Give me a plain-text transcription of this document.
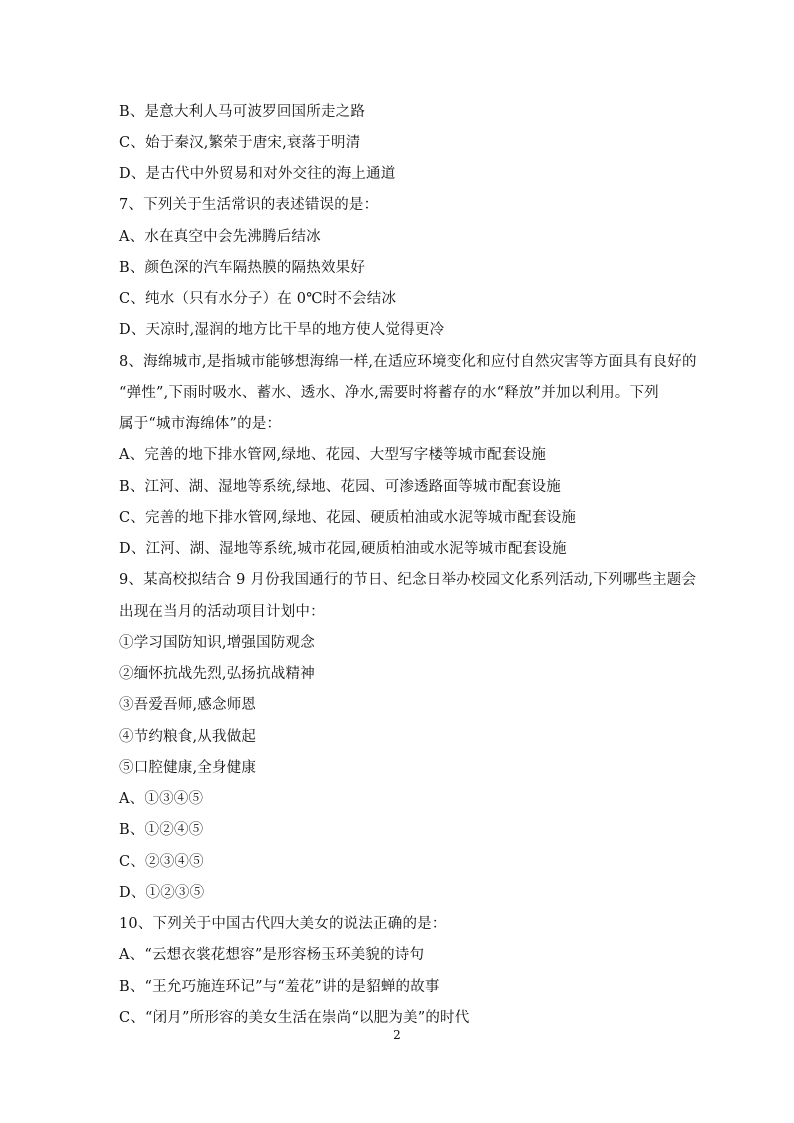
B、是意大利人马可波罗回国所走之路
C、始于秦汉,繁荣于唐宋,衰落于明清
D、是古代中外贸易和对外交往的海上通道
7、下列关于生活常识的表述错误的是：
A、水在真空中会先沸腾后结冰
B、颜色深的汽车隔热膜的隔热效果好
C、纯水（只有水分子）在 0℃时不会结冰
D、天凉时,湿润的地方比干旱的地方使人觉得更冷
8、海绵城市,是指城市能够想海绵一样,在适应环境变化和应付自然灾害等方面具有良好的
“弹性”,下雨时吸水、蓄水、透水、净水,需要时将蓄存的水“释放”并加以利用。下列
属于“城市海绵体”的是：
A、完善的地下排水管网,绿地、花园、大型写字楼等城市配套设施
B、江河、湖、湿地等系统,绿地、花园、可渗透路面等城市配套设施
C、完善的地下排水管网,绿地、花园、硬质柏油或水泥等城市配套设施
D、江河、湖、湿地等系统,城市花园,硬质柏油或水泥等城市配套设施
9、某高校拟结合 9 月份我国通行的节日、纪念日举办校园文化系列活动,下列哪些主题会
出现在当月的活动项目计划中：
①学习国防知识,增强国防观念
②缅怀抗战先烈,弘扬抗战精神
③吾爱吾师,感念师恩
④节约粮食,从我做起
⑤口腔健康,全身健康
A、①③④⑤
B、①②④⑤
C、②③④⑤
D、①②③⑤
10、下列关于中国古代四大美女的说法正确的是：
A、“云想衣裳花想容”是形容杨玉环美貌的诗句
B、“王允巧施连环记”与“羞花”讲的是貂蝉的故事
C、“闭月”所形容的美女生活在崇尚“以肥为美”的时代
2
